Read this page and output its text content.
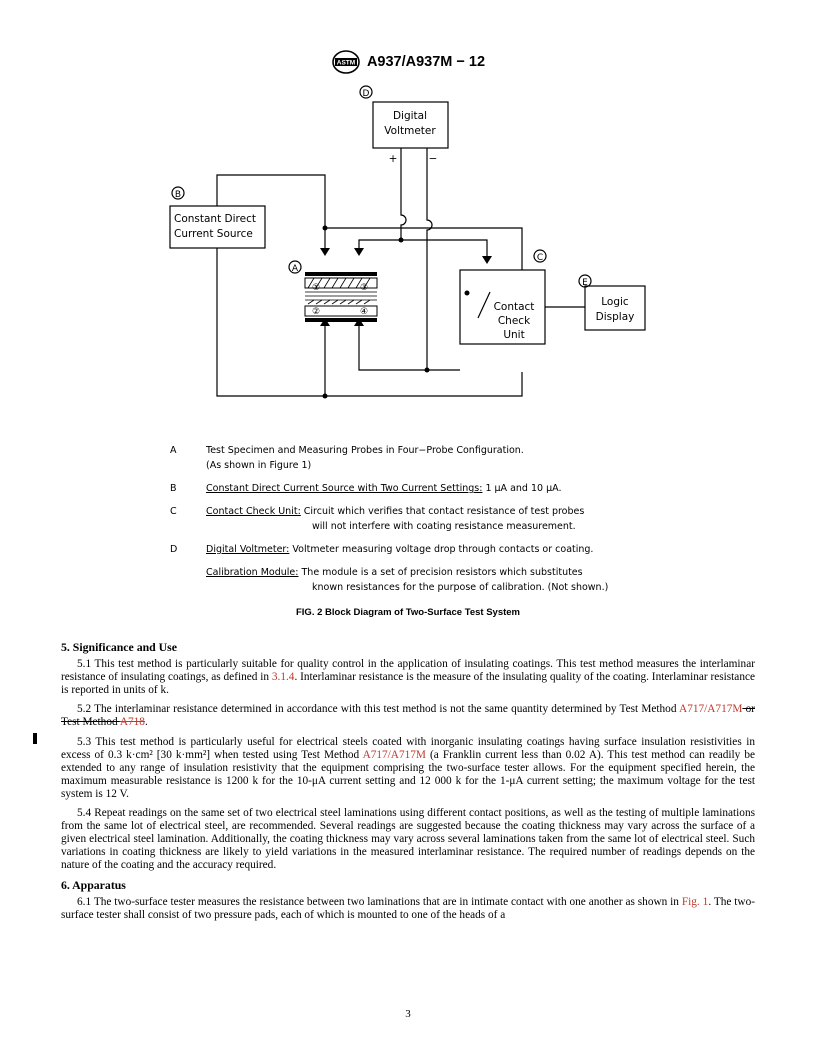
ASTM A937/A937M − 12
D
B
A
C
E
Digital
Voltmeter
+	−
Constant Direct
Current Source
Contact
Check
Unit
Logic
Display
①	③
②	④
A	Test Specimen and Measuring Probes in Four−Probe Configuration.
(As shown in Figure 1)
B	Constant Direct Current Source with Two Current Settings: 1 μA and 10 μA.
C	Contact Check Unit: Circuit which verifies that contact resistance of test probes
will not interfere with coating resistance measurement.
D	Digital Voltmeter: Voltmeter measuring voltage drop through contacts or coating.
Calibration Module: The module is a set of precision resistors which substitutes
known resistances for the purpose of calibration. (Not shown.)
FIG. 2 Block Diagram of Two-Surface Test System
5. Significance and Use

5.1 This test method is particularly suitable for quality control in the application of insulating coatings. This test method measures the interlaminar resistance of insulating coatings, as defined in 3.1.4. Interlaminar resistance is the measure of the insulating quality of the coating. Interlaminar resistance is reported in units of k.

5.2 The interlaminar resistance determined in accordance with this test method is not the same quantity determined by Test Method A717/A717M or Test Method A718.

5.3 This test method is particularly useful for electrical steels coated with inorganic insulating coatings having surface insulation resistivities in excess of 0.3 k·cm² [30 k·mm²] when tested using Test Method A717/A717M (a Franklin current less than 0.02 A). This test method can readily be extended to any range of insulation resistivity that the equipment comprising the two-surface tester allows. For the equipment specified herein, the maximum measurable resistance is 1200 k for the 10-μA current setting and 12 000 k for the 1-μA current setting; the maximum voltage for the test system is 12 V.

5.4 Repeat readings on the same set of two electrical steel laminations using different contact positions, as well as the testing of multiple laminations from the same lot of electrical steel, are recommended. Several readings are suggested because the coating thickness may vary across the surface of a given electrical steel lamination. Additionally, the coating thickness may vary across several laminations taken from the same lot of electrical steel. Such variations in coating thickness are likely to yield variations in the measured interlaminar resistance. The required number of readings depends on the nature of the coating and the accuracy required.

6. Apparatus

6.1 The two-surface tester measures the resistance between two laminations that are in intimate contact with one another as shown in Fig. 1. The two-surface tester shall consist of two pressure pads, each of which is mounted to one of the heads of a

3
